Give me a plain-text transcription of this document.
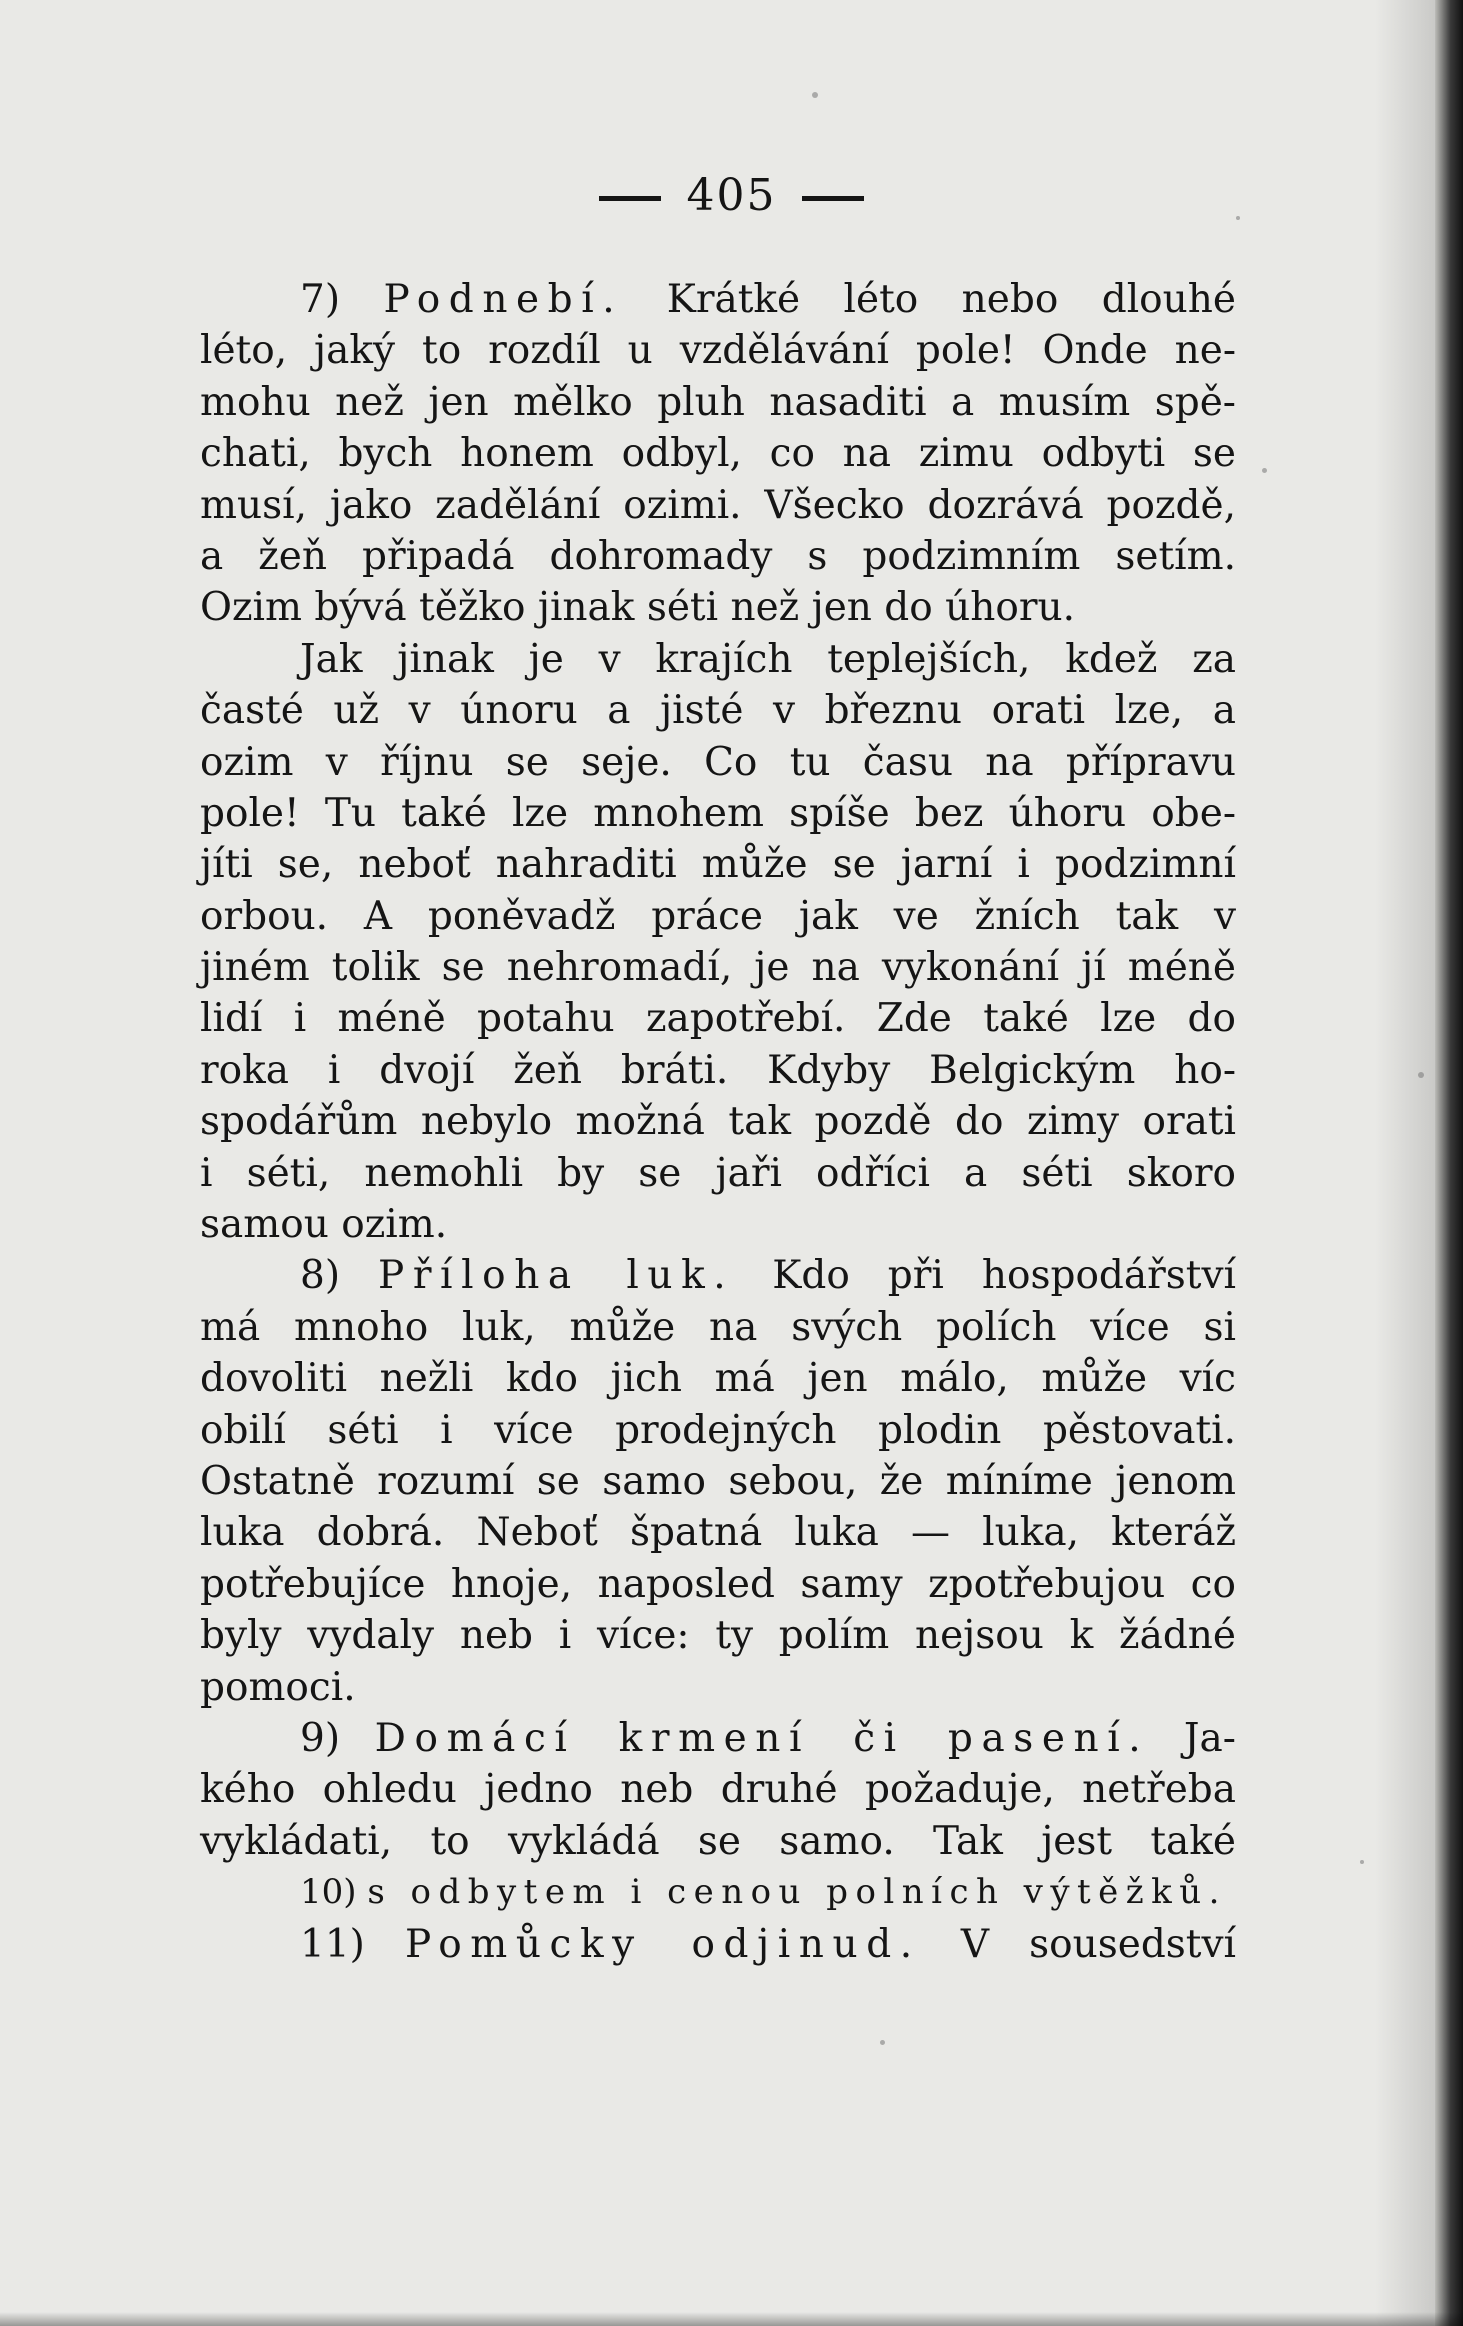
405
7) Podnebí. Krátké léto nebo dlouhé
léto, jaký to rozdíl u vzdělávání pole! Onde ne-
mohu než jen mělko pluh nasaditi a musím spě-
chati, bych honem odbyl, co na zimu odbyti se
musí, jako zadělání ozimi. Všecko dozrává pozdě,
a žeň připadá dohromady s podzimním setím.
Ozim bývá těžko jinak séti než jen do úhoru.
Jak jinak je v krajích teplejších, kdež za
časté už v únoru a jisté v březnu orati lze, a
ozim v říjnu se seje. Co tu času na přípravu
pole! Tu také lze mnohem spíše bez úhoru obe-
jíti se, neboť nahraditi může se jarní i podzimní
orbou. A poněvadž práce jak ve žních tak v
jiném tolik se nehromadí, je na vykonání jí méně
lidí i méně potahu zapotřebí. Zde také lze do
roka i dvojí žeň bráti. Kdyby Belgickým ho-
spodářům nebylo možná tak pozdě do zimy orati
i séti, nemohli by se jaři odříci a séti skoro
samou ozim.
8) Příloha luk. Kdo při hospodářství
má mnoho luk, může na svých polích více si
dovoliti nežli kdo jich má jen málo, může víc
obilí séti i více prodejných plodin pěstovati.
Ostatně rozumí se samo sebou, že míníme jenom
luka dobrá. Neboť špatná luka — luka, kteráž
potřebujíce hnoje, naposled samy zpotřebujou co
byly vydaly neb i více: ty polím nejsou k žádné
pomoci.
9) Domácí krmení či pasení. Ja-
kého ohledu jedno neb druhé požaduje, netřeba
vykládati, to vykládá se samo. Tak jest také
10) s odbytem i cenou polních výtěžků.
11) Pomůcky odjinud. V sousedství
